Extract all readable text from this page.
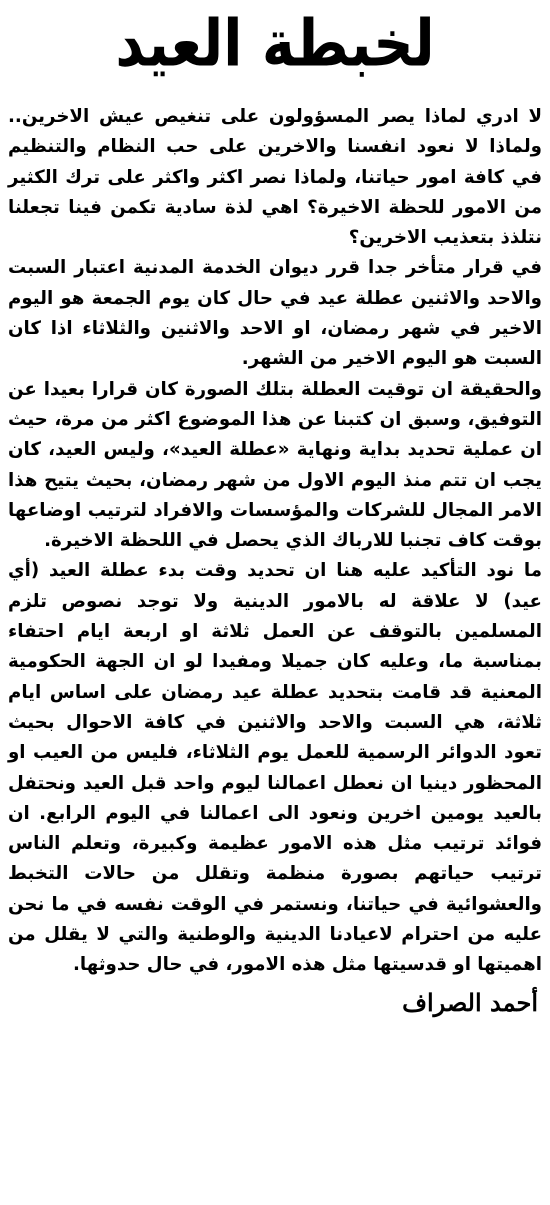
لخبطة العيد

لا ادري لماذا يصر المسؤولون على تنغيص عيش الاخرين.. ولماذا لا نعود انفسنا والاخرين على حب النظام والتنظيم في كافة امور حياتنا، ولماذا نصر اكثر واكثر على ترك الكثير من الامور للحظة الاخيرة؟ اهي لذة سادية تكمن فينا تجعلنا نتلذذ بتعذيب الاخرين؟

في قرار متأخر جدا قرر ديوان الخدمة المدنية اعتبار السبت والاحد والاثنين عطلة عيد في حال كان يوم الجمعة هو اليوم الاخير في شهر رمضان، او الاحد والاثنين والثلاثاء اذا كان السبت هو اليوم الاخير من الشهر.

والحقيقة ان توقيت العطلة بتلك الصورة كان قرارا بعيدا عن التوفيق، وسبق ان كتبنا عن هذا الموضوع اكثر من مرة، حيث ان عملية تحديد بداية ونهاية «عطلة العيد»، وليس العيد، كان يجب ان تتم منذ اليوم الاول من شهر رمضان، بحيث يتيح هذا الامر المجال للشركات والمؤسسات والافراد لترتيب اوضاعها بوقت كاف تجنبا للارباك الذي يحصل في اللحظة الاخيرة.

ما نود التأكيد عليه هنا ان تحديد وقت بدء عطلة العيد (أي عيد) لا علاقة له بالامور الدينية ولا توجد نصوص تلزم المسلمين بالتوقف عن العمل ثلاثة او اربعة ايام احتفاء بمناسبة ما، وعليه كان جميلا ومفيدا لو ان الجهة الحكومية المعنية قد قامت بتحديد عطلة عيد رمضان على اساس ايام ثلاثة، هي السبت والاحد والاثنين في كافة الاحوال بحيث تعود الدوائر الرسمية للعمل يوم الثلاثاء، فليس من العيب او المحظور دينيا ان نعطل اعمالنا ليوم واحد قبل العيد ونحتفل بالعيد يومين اخرين ونعود الى اعمالنا في اليوم الرابع. ان فوائد ترتيب مثل هذه الامور عظيمة وكبيرة، وتعلم الناس ترتيب حياتهم بصورة منظمة وتقلل من حالات التخبط والعشوائية في حياتنا، ونستمر في الوقت نفسه في ما نحن عليه من احترام لاعيادنا الدينية والوطنية والتي لا يقلل من اهميتها او قدسيتها مثل هذه الامور، في حال حدوثها.

أحمد الصراف
